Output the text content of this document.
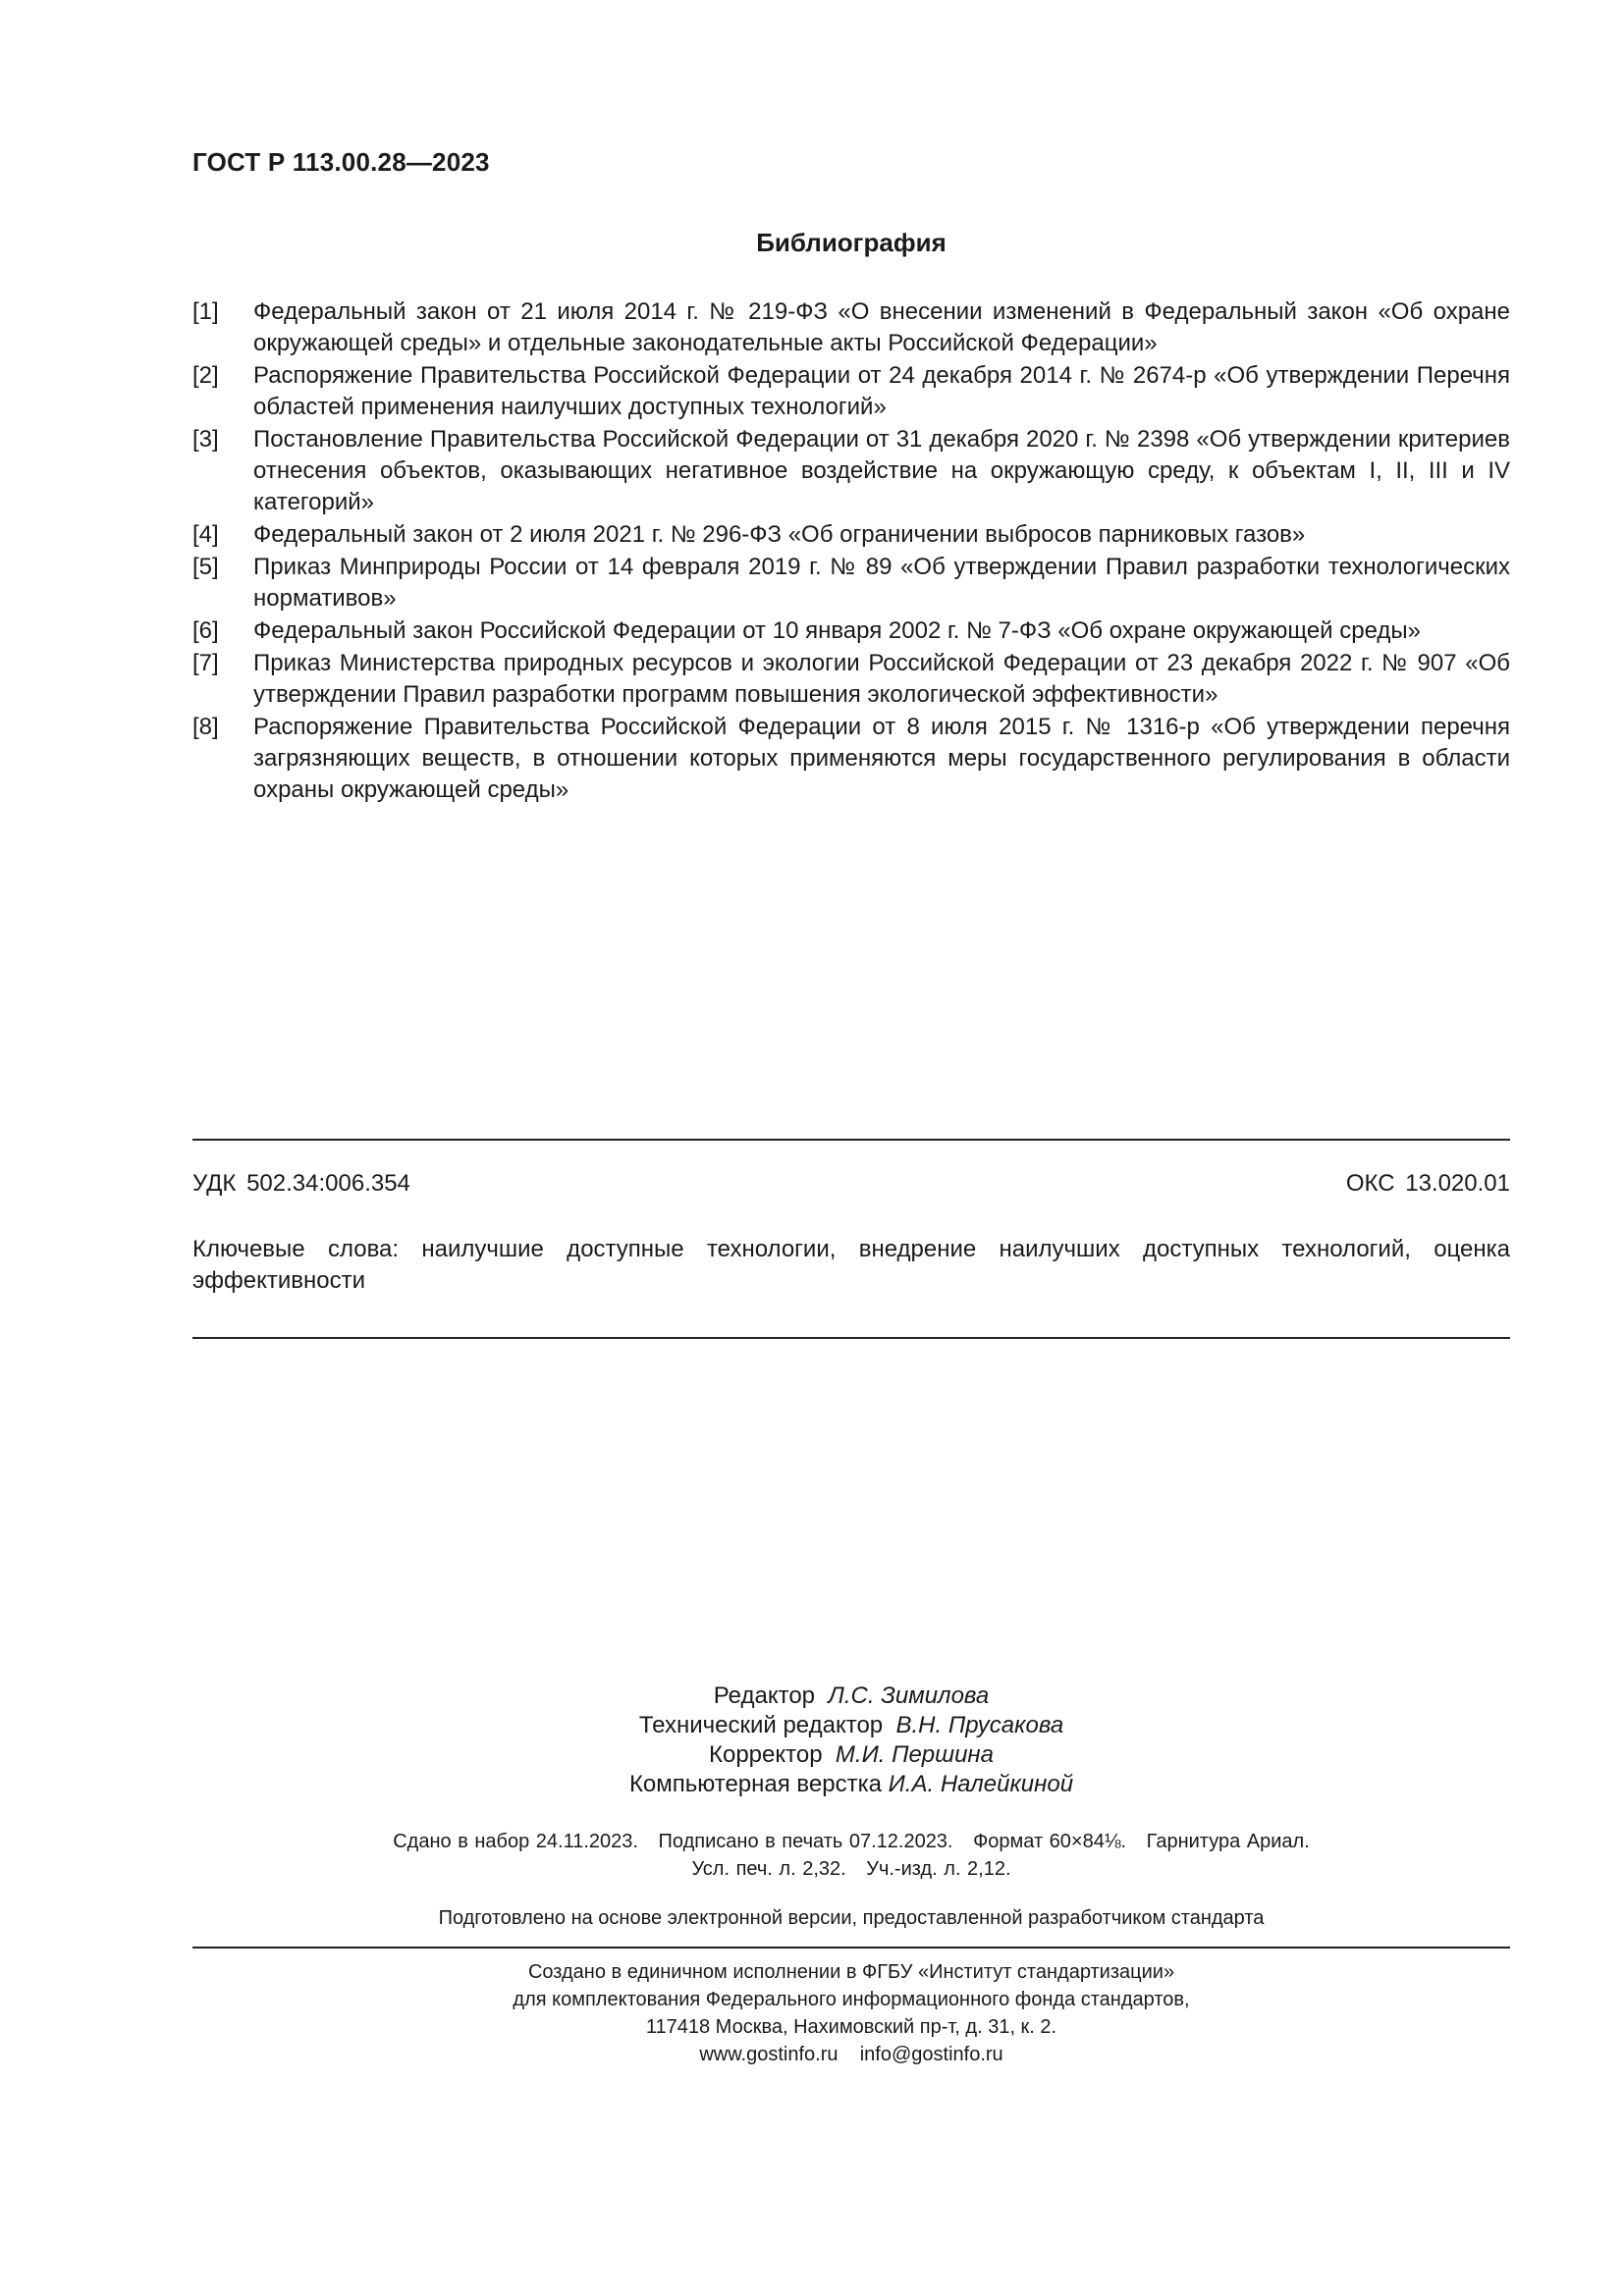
ГОСТ Р 113.00.28—2023
Библиография
[1]	Федеральный закон от 21 июля 2014 г. № 219-ФЗ «О внесении изменений в Федеральный закон «Об охране окружающей среды» и отдельные законодательные акты Российской Федерации»
[2]	Распоряжение Правительства Российской Федерации от 24 декабря 2014 г. № 2674-р «Об утверждении Перечня областей применения наилучших доступных технологий»
[3]	Постановление Правительства Российской Федерации от 31 декабря 2020 г. № 2398 «Об утверждении критериев отнесения объектов, оказывающих негативное воздействие на окружающую среду, к объектам I, II, III и IV категорий»
[4]	Федеральный закон от 2 июля 2021 г. № 296-ФЗ «Об ограничении выбросов парниковых газов»
[5]	Приказ Минприроды России от 14 февраля 2019 г. № 89 «Об утверждении Правил разработки технологических нормативов»
[6]	Федеральный закон Российской Федерации от 10 января 2002 г. № 7-ФЗ «Об охране окружающей среды»
[7]	Приказ Министерства природных ресурсов и экологии Российской Федерации от 23 декабря 2022 г. № 907 «Об утверждении Правил разработки программ повышения экологической эффективности»
[8]	Распоряжение Правительства Российской Федерации от 8 июля 2015 г. № 1316-р «Об утверждении перечня загрязняющих веществ, в отношении которых применяются меры государственного регулирования в области охраны окружающей среды»
УДК 502.34:006.354	ОКС 13.020.01
Ключевые слова: наилучшие доступные технологии, внедрение наилучших доступных технологий, оценка эффективности
Редактор Л.С. Зимилова
Технический редактор В.Н. Прусакова
Корректор М.И. Першина
Компьютерная верстка И.А. Налейкиной
Сдано в набор 24.11.2023. Подписано в печать 07.12.2023. Формат 60×84⅛. Гарнитура Ариал.
Усл. печ. л. 2,32. Уч.-изд. л. 2,12.
Подготовлено на основе электронной версии, предоставленной разработчиком стандарта
Создано в единичном исполнении в ФГБУ «Институт стандартизации»
для комплектования Федерального информационного фонда стандартов,
117418 Москва, Нахимовский пр-т, д. 31, к. 2.
www.gostinfo.ru    info@gostinfo.ru
